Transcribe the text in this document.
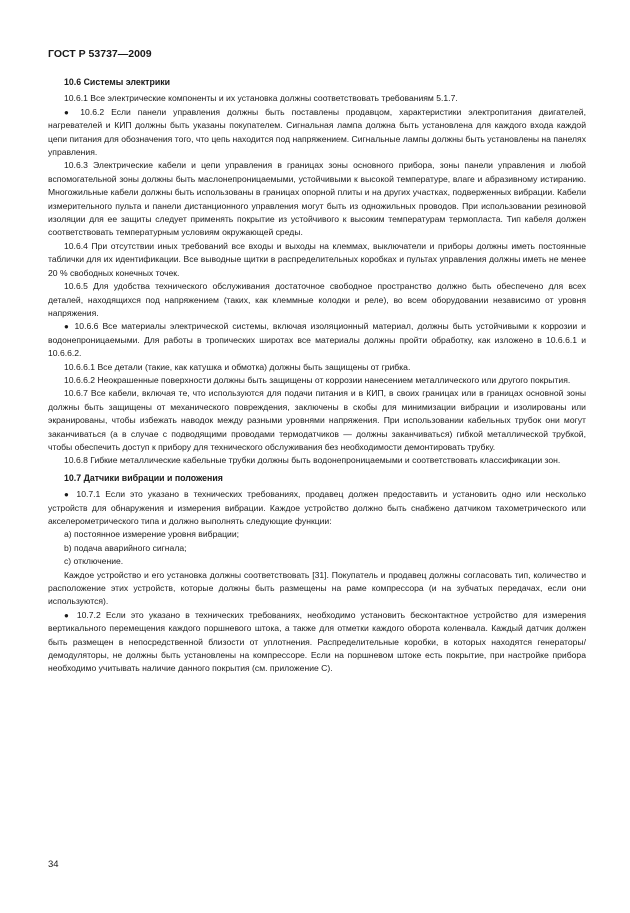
ГОСТ Р 53737—2009

10.6 Системы электрики

10.6.1 Все электрические компоненты и их установка должны соответствовать требованиям 5.1.7.

● 10.6.2 Если панели управления должны быть поставлены продавцом, характеристики электропитания двигателей, нагревателей и КИП должны быть указаны покупателем. Сигнальная лампа должна быть установлена для каждого входа каждой цепи питания для обозначения того, что цепь находится под напряжением. Сигнальные лампы должны быть установлены на панелях управления.

10.6.3 Электрические кабели и цепи управления в границах зоны основного прибора, зоны панели управления и любой вспомогательной зоны должны быть маслонепроницаемыми, устойчивыми к высокой температуре, влаге и абразивному истиранию. Многожильные кабели должны быть использованы в границах опорной плиты и на других участках, подверженных вибрации. Кабели измерительного пульта и панели дистанционного управления могут быть из одножильных проводов. При использовании резиновой изоляции для ее защиты следует применять покрытие из устойчивого к высоким температурам термопласта. Тип кабеля должен соответствовать температурным условиям окружающей среды.

10.6.4 При отсутствии иных требований все входы и выходы на клеммах, выключатели и приборы должны иметь постоянные таблички для их идентификации. Все выводные щитки в распределительных коробках и пультах управления должны иметь не менее 20 % свободных конечных точек.

10.6.5 Для удобства технического обслуживания достаточное свободное пространство должно быть обеспечено для всех деталей, находящихся под напряжением (таких, как клеммные колодки и реле), во всем оборудовании независимо от уровня напряжения.

● 10.6.6 Все материалы электрической системы, включая изоляционный материал, должны быть устойчивыми к коррозии и водонепроницаемыми. Для работы в тропических широтах все материалы должны пройти обработку, как изложено в 10.6.6.1 и 10.6.6.2.

10.6.6.1 Все детали (такие, как катушка и обмотка) должны быть защищены от грибка.

10.6.6.2 Неокрашенные поверхности должны быть защищены от коррозии нанесением металлического или другого покрытия.

10.6.7 Все кабели, включая те, что используются для подачи питания и в КИП, в своих границах или в границах основной зоны должны быть защищены от механического повреждения, заключены в скобы для минимизации вибрации и изолированы или экранированы, чтобы избежать наводок между разными уровнями напряжения. При использовании кабельных трубок они могут заканчиваться (а в случае с подводящими проводами термодатчиков — должны заканчиваться) гибкой металлической трубкой, чтобы обеспечить доступ к прибору для технического обслуживания без необходимости демонтировать трубку.

10.6.8 Гибкие металлические кабельные трубки должны быть водонепроницаемыми и соответствовать классификации зон.

10.7 Датчики вибрации и положения

● 10.7.1 Если это указано в технических требованиях, продавец должен предоставить и установить одно или несколько устройств для обнаружения и измерения вибрации. Каждое устройство должно быть снабжено датчиком тахометрического или акселерометрического типа и должно выполнять следующие функции:

a) постоянное измерение уровня вибрации;

b) подача аварийного сигнала;

c) отключение.

Каждое устройство и его установка должны соответствовать [31]. Покупатель и продавец должны согласовать тип, количество и расположение этих устройств, которые должны быть размещены на раме компрессора (и на зубчатых передачах, если они используются).

● 10.7.2 Если это указано в технических требованиях, необходимо установить бесконтактное устройство для измерения вертикального перемещения каждого поршневого штока, а также для отметки каждого оборота коленвала. Каждый датчик должен быть размещен в непосредственной близости от уплотнения. Распределительные коробки, в которых находятся генераторы/демодуляторы, не должны быть установлены на компрессоре. Если на поршневом штоке есть покрытие, при настройке прибора необходимо учитывать наличие данного покрытия (см. приложение C).

34
